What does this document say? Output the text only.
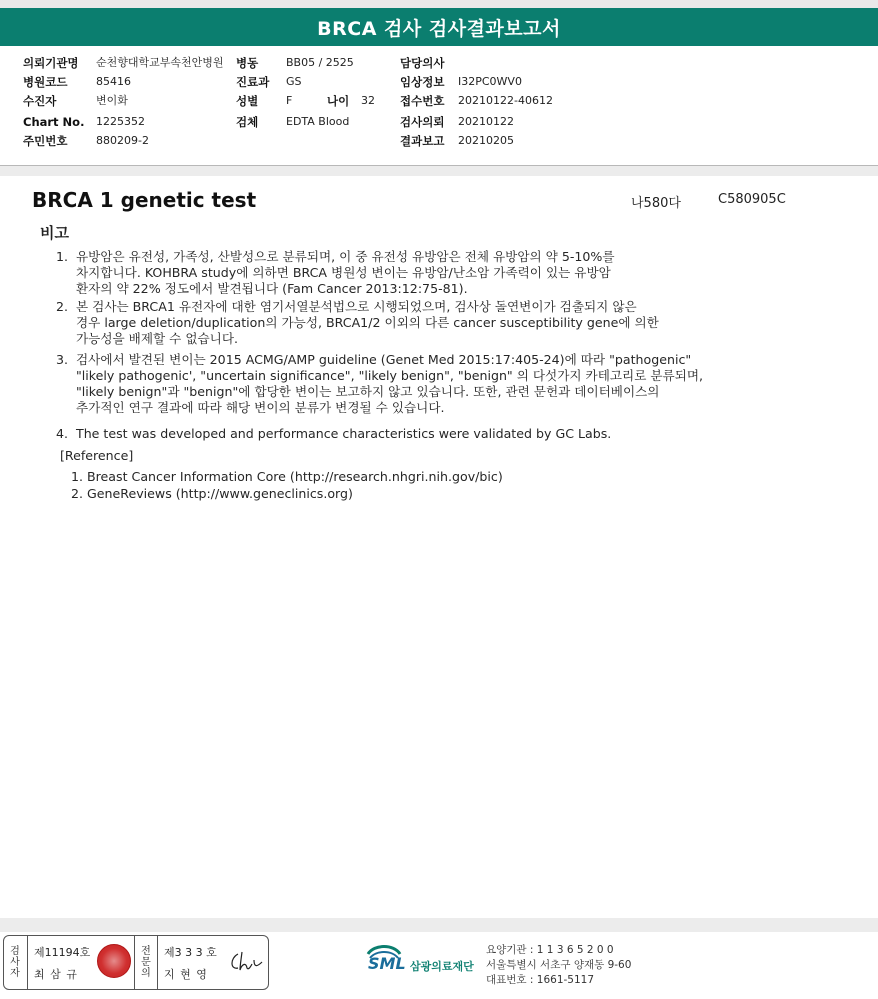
BRCA 검사 검사결과보고서
의뢰기관명 순천향대학교부속천안병원 병동	BB05 / 2525	담당의사
병원코드	85416	진료과 GS	임상정보 I32PC0WV0
수진자	변이화	성별	F	나이 32 접수번호 20210122-40612
Chart No. 1225352	검체	EDTA Blood	검사의뢰 20210122
주민번호	880209-2	결과보고 20210205
BRCA 1 genetic test	나580다	C580905C
비고
1. 유방암은 유전성, 가족성, 산발성으로 분류되며, 이 중 유전성 유방암은 전체 유방암의 약 5-10%를
차지합니다. KOHBRA study에 의하면 BRCA 병원성 변이는 유방암/난소암 가족력이 있는 유방암
환자의 약 22% 정도에서 발견됩니다 (Fam Cancer 2013:12:75-81).
2. 본 검사는 BRCA1 유전자에 대한 염기서열분석법으로 시행되었으며, 검사상 돌연변이가 검출되지 않은
경우 large deletion/duplication의 가능성, BRCA1/2 이외의 다른 cancer susceptibility gene에 의한
가능성을 배제할 수 없습니다.
3. 검사에서 발견된 변이는 2015 ACMG/AMP guideline (Genet Med 2015:17:405-24)에 따라 "pathogenic"
"likely pathogenic', "uncertain significance", "likely benign", "benign" 의 다섯가지 카테고리로 분류되며,
"likely benign"과 "benign"에 합당한 변이는 보고하지 않고 있습니다. 또한, 관련 문헌과 데이터베이스의
추가적인 연구 결과에 따라 해당 변이의 분류가 변경될 수 있습니다.
4. The test was developed and performance characteristics were validated by GC Labs.
[Reference]
1. Breast Cancer Information Core (http://research.nhgri.nih.gov/bic)
2. GeneReviews (http://www.geneclinics.org)
검사자
제11194호
최 삼 규
전문의
제3 3 3 호
지 현 영
SML 삼광의료재단
요양기관 : 1 1 3 6 5 2 0 0
서울특별시 서초구 양재동 9-60
대표번호 : 1661-5117
